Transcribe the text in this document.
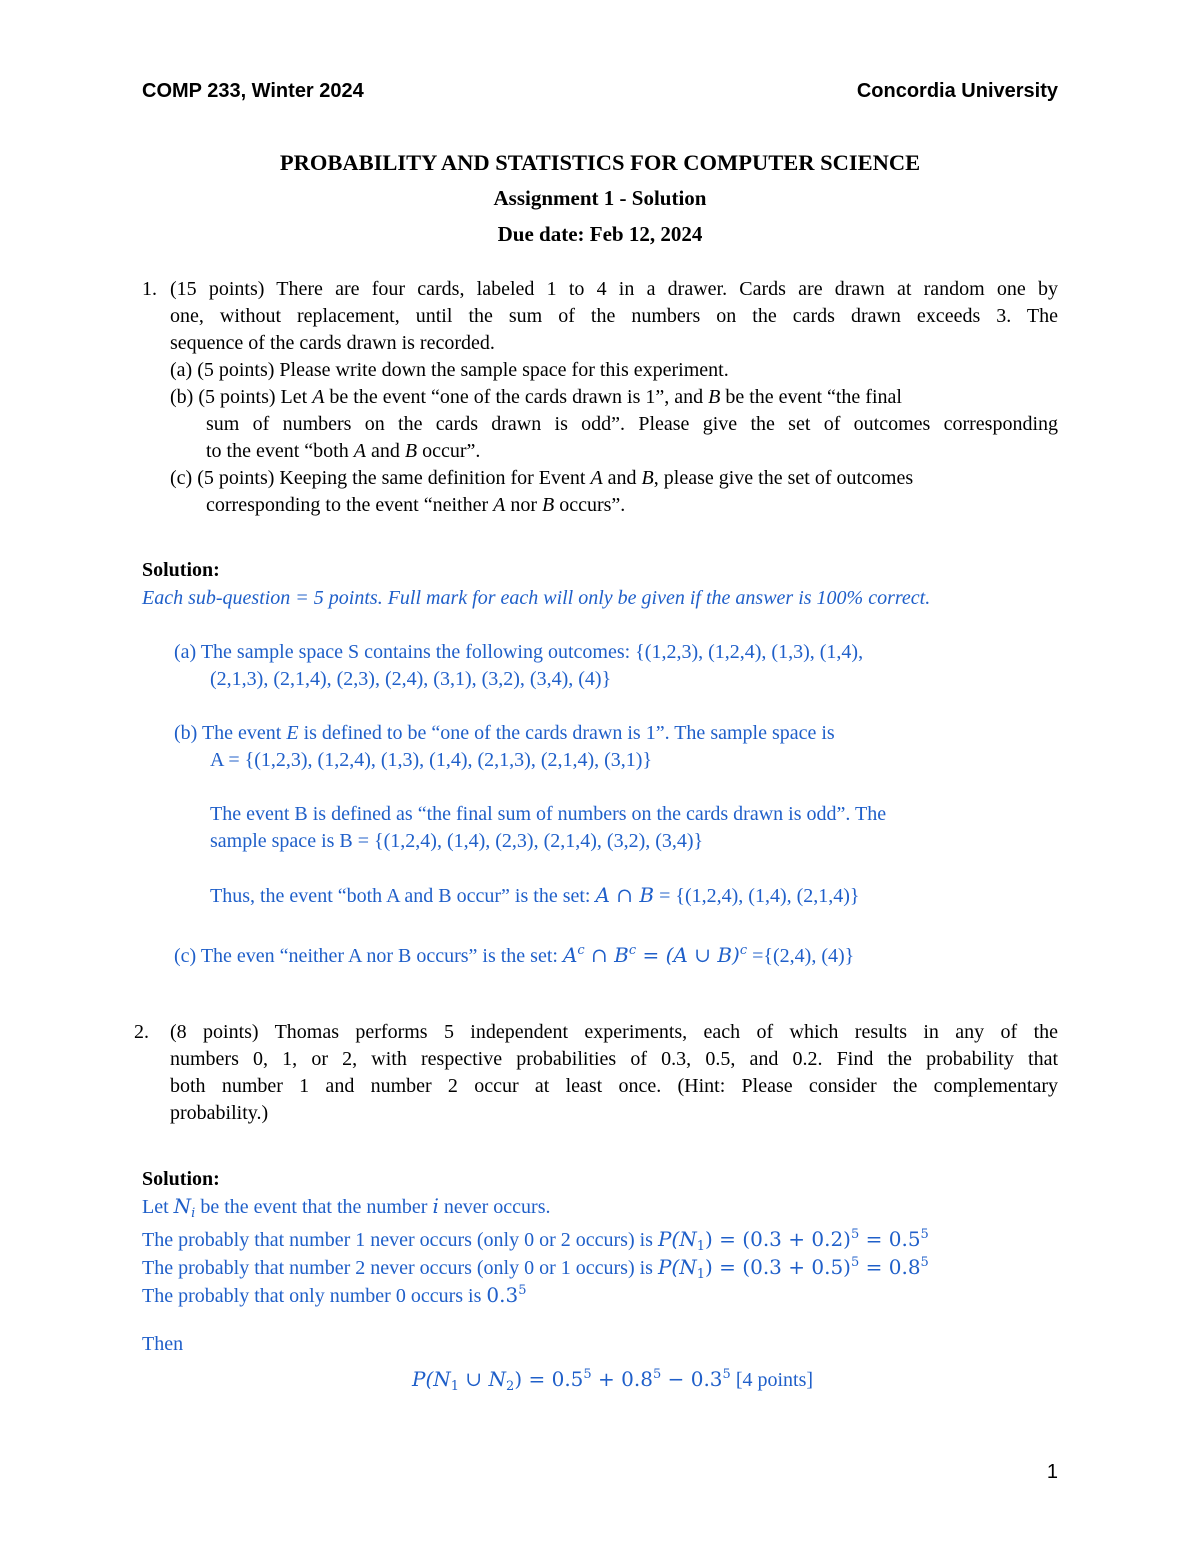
COMP 233, Winter 2024	Concordia University
PROBABILITY AND STATISTICS FOR COMPUTER SCIENCE
Assignment 1 - Solution
Due date: Feb 12, 2024
1. (15 points) There are four cards, labeled 1 to 4 in a drawer. Cards are drawn at random one by
one, without replacement, until the sum of the numbers on the cards drawn exceeds 3. The
sequence of the cards drawn is recorded.
(a) (5 points) Please write down the sample space for this experiment.
(b) (5 points) Let A be the event “one of the cards drawn is 1”, and B be the event “the final
sum of numbers on the cards drawn is odd”. Please give the set of outcomes corresponding
to the event “both A and B occur”.
(c) (5 points) Keeping the same definition for Event A and B, please give the set of outcomes
corresponding to the event “neither A nor B occurs”.
Solution:
Each sub-question = 5 points. Full mark for each will only be given if the answer is 100% correct.
(a) The sample space S contains the following outcomes: {(1,2,3), (1,2,4), (1,3), (1,4),
(2,1,3), (2,1,4), (2,3), (2,4), (3,1), (3,2), (3,4), (4)}
(b) The event E is defined to be “one of the cards drawn is 1”. The sample space is
A = {(1,2,3), (1,2,4), (1,3), (1,4), (2,1,3), (2,1,4), (3,1)}
The event B is defined as “the final sum of numbers on the cards drawn is odd”. The
sample space is B = {(1,2,4), (1,4), (2,3), (2,1,4), (3,2), (3,4)}
Thus, the event “both A and B occur” is the set: A ∩ B = {(1,2,4), (1,4), (2,1,4)}
(c) The even “neither A nor B occurs” is the set: $A^c$ ∩ $B^c = (A$ ∪ B)$^c$ ={(2,4), (4)}
2. (8 points) Thomas performs 5 independent experiments, each of which results in any of the
numbers 0, 1, or 2, with respective probabilities of 0.3, 0.5, and 0.2. Find the probability that
both number 1 and number 2 occur at least once. (Hint: Please consider the complementary
probability.)
Solution:
Let $N_i$ be the event that the number i never occurs.
The probably that number 1 never occurs (only 0 or 2 occurs) is $P(N_1) = (0.3 + 0.2)^5 = 0.5^5$
The probably that number 2 never occurs (only 0 or 1 occurs) is $P(N_1) = (0.3 + 0.5)^5 = 0.8^5$
The probably that only number 0 occurs is $0.3^5$
Then
$P(N_1$ ∪ $N_2) = 0.5^5 + 0.8^5 - 0.3^5$ [4 points]
1
